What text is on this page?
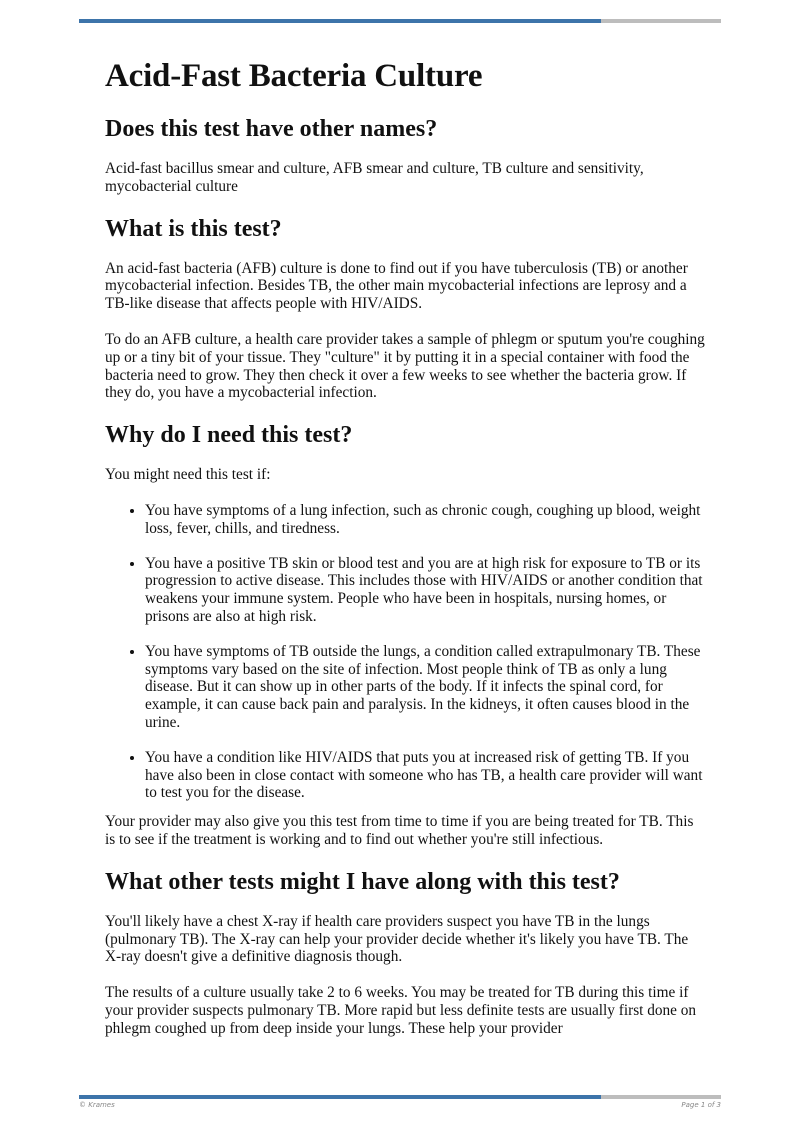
Acid-Fast Bacteria Culture
Does this test have other names?

Acid-fast bacillus smear and culture, AFB smear and culture, TB culture and sensitivity, mycobacterial culture

What is this test?

An acid-fast bacteria (AFB) culture is done to find out if you have tuberculosis (TB) or another mycobacterial infection. Besides TB, the other main mycobacterial infections are leprosy and a TB-like disease that affects people with HIV/AIDS.

To do an AFB culture, a health care provider takes a sample of phlegm or sputum you're coughing up or a tiny bit of your tissue. They "culture" it by putting it in a special container with food the bacteria need to grow. They then check it over a few weeks to see whether the bacteria grow. If they do, you have a mycobacterial infection.

Why do I need this test?

You might need this test if:

• You have symptoms of a lung infection, such as chronic cough, coughing up blood, weight loss, fever, chills, and tiredness.
• You have a positive TB skin or blood test and you are at high risk for exposure to TB or its progression to active disease. This includes those with HIV/AIDS or another condition that weakens your immune system. People who have been in hospitals, nursing homes, or prisons are also at high risk.
• You have symptoms of TB outside the lungs, a condition called extrapulmonary TB. These symptoms vary based on the site of infection. Most people think of TB as only a lung disease. But it can show up in other parts of the body. If it infects the spinal cord, for example, it can cause back pain and paralysis. In the kidneys, it often causes blood in the urine.
• You have a condition like HIV/AIDS that puts you at increased risk of getting TB. If you have also been in close contact with someone who has TB, a health care provider will want to test you for the disease.

Your provider may also give you this test from time to time if you are being treated for TB. This is to see if the treatment is working and to find out whether you're still infectious.

What other tests might I have along with this test?

You'll likely have a chest X-ray if health care providers suspect you have TB in the lungs (pulmonary TB). The X-ray can help your provider decide whether it's likely you have TB. The X-ray doesn't give a definitive diagnosis though.

The results of a culture usually take 2 to 6 weeks. You may be treated for TB during this time if your provider suspects pulmonary TB. More rapid but less definite tests are usually first done on phlegm coughed up from deep inside your lungs. These help your provider

© Krames	Page 1 of 3
